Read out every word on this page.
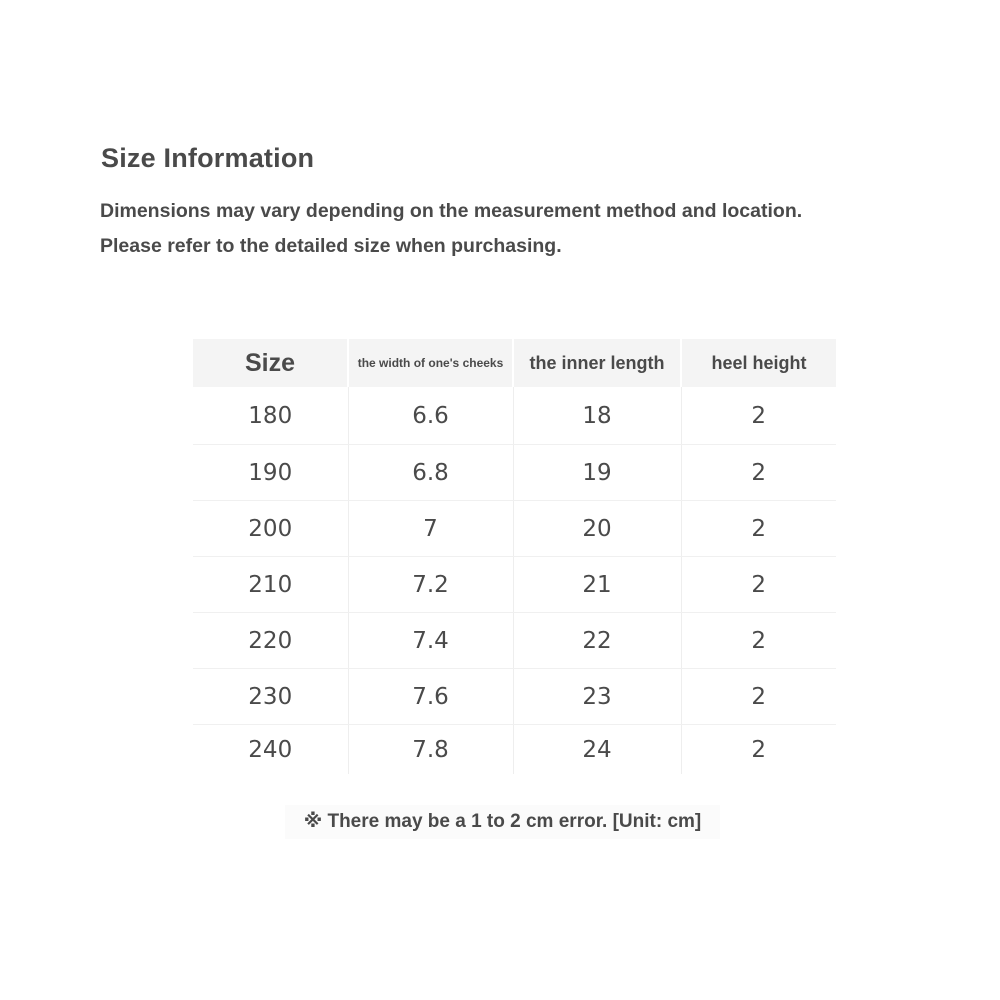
Size Information

Dimensions may vary depending on the measurement method and location.

Please refer to the detailed size when purchasing.

Size	the width of one's cheeks	the inner length	heel height
180	6.6	18	2
190	6.8	19	2
200	7	20	2
210	7.2	21	2
220	7.4	22	2
230	7.6	23	2
240	7.8	24	2

※ There may be a 1 to 2 cm error. [Unit: cm]
